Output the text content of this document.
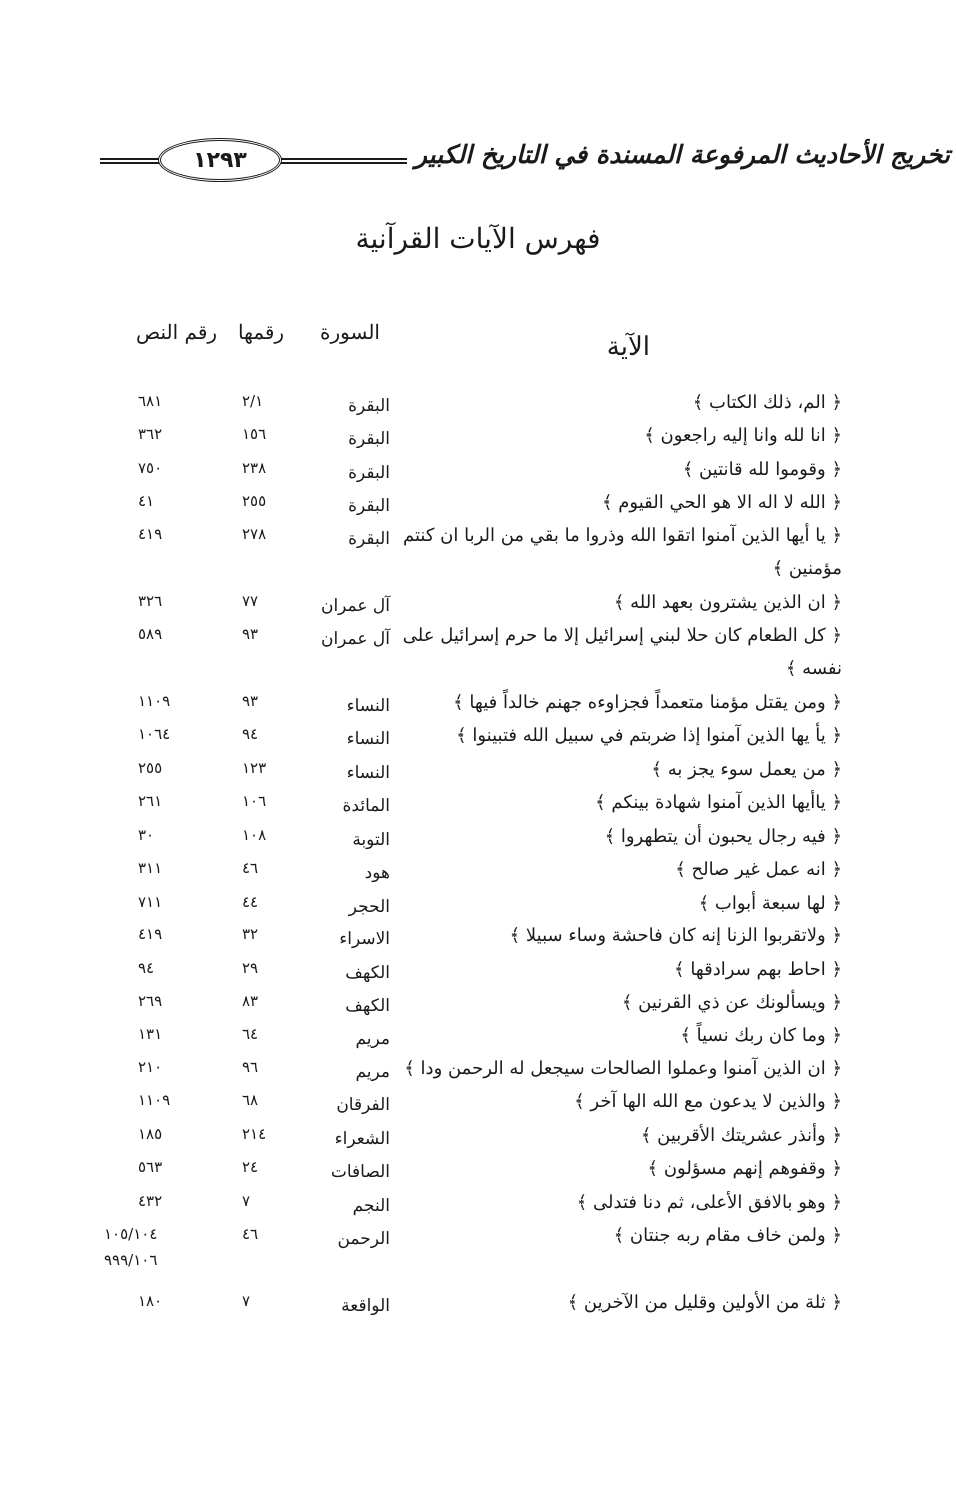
١٢٩٣	تخريج الأحاديث المرفوعة المسندة في التاريخ الكبير
فهرس الآيات القرآنية
الآية
السورة
رقمها
رقم النص
﴿ الم، ذلك الكتاب ﴾
البقرة
٢/١
٦٨١
﴿ انا لله وانا إليه راجعون ﴾
البقرة
١٥٦
٣٦٢
﴿ وقوموا لله قانتين ﴾
البقرة
٢٣٨
٧٥٠
﴿ الله لا اله الا هو الحي القيوم ﴾
البقرة
٢٥٥
٤١
﴿ يا أيها الذين آمنوا اتقوا الله وذروا ما بقي من الربا ان كنتم
البقرة
٢٧٨
٤١٩
مؤمنين ﴾
﴿ ان الذين يشترون بعهد الله ﴾
آل عمران
٧٧
٣٢٦
﴿ كل الطعام كان حلا لبني إسرائيل إلا ما حرم إسرائيل على
آل عمران
٩٣
٥٨٩
نفسه ﴾
﴿ ومن يقتل مؤمنا متعمداً فجزاوءه جهنم خالداً فيها ﴾
النساء
٩٣
١١٠٩
﴿ يأ يها الذين آمنوا إذا ضربتم في سبيل الله فتبينوا ﴾
النساء
٩٤
١٠٦٤
﴿ من يعمل سوء يجز به ﴾
النساء
١٢٣
٢٥٥
﴿ ياأيها الذين آمنوا شهادة بينكم ﴾
المائدة
١٠٦
٢٦١
﴿ فيه رجال يحبون أن يتطهروا ﴾
التوبة
١٠٨
٣٠
﴿ انه عمل غير صالح ﴾
هود
٤٦
٣١١
﴿ لها سبعة أبواب ﴾
الحجر
٤٤
٧١١
﴿ ولاتقربوا الزنا إنه كان فاحشة وساء سبيلا ﴾
الاسراء
٣٢
٤١٩
﴿ احاط بهم سرادقها ﴾
الكهف
٢٩
٩٤
﴿ ويسألونك عن ذي القرنين ﴾
الكهف
٨٣
٢٦٩
﴿ وما كان ربك نسياً ﴾
مريم
٦٤
١٣١
﴿ ان الذين آمنوا وعملوا الصالحات سيجعل له الرحمن ودا ﴾
مريم
٩٦
٢١٠
﴿ والذين لا يدعون مع الله الها آخر ﴾
الفرقان
٦٨
١١٠٩
﴿ وأنذر عشريتك الأقربين ﴾
الشعراء
٢١٤
١٨٥
﴿ وقفوهم إنهم مسؤلون ﴾
الصافات
٢٤
٥٦٣
﴿ وهو بالافق الأعلى، ثم دنا فتدلى ﴾
النجم
٧
٤٣٢
﴿ ولمن خاف مقام ربه جنتان ﴾
الرحمن
٤٦
١٠٥/١٠٤
٩٩٩/١٠٦
﴿ ثلة من الأولين وقليل من الآخرين ﴾
الواقعة
٧
١٨٠
